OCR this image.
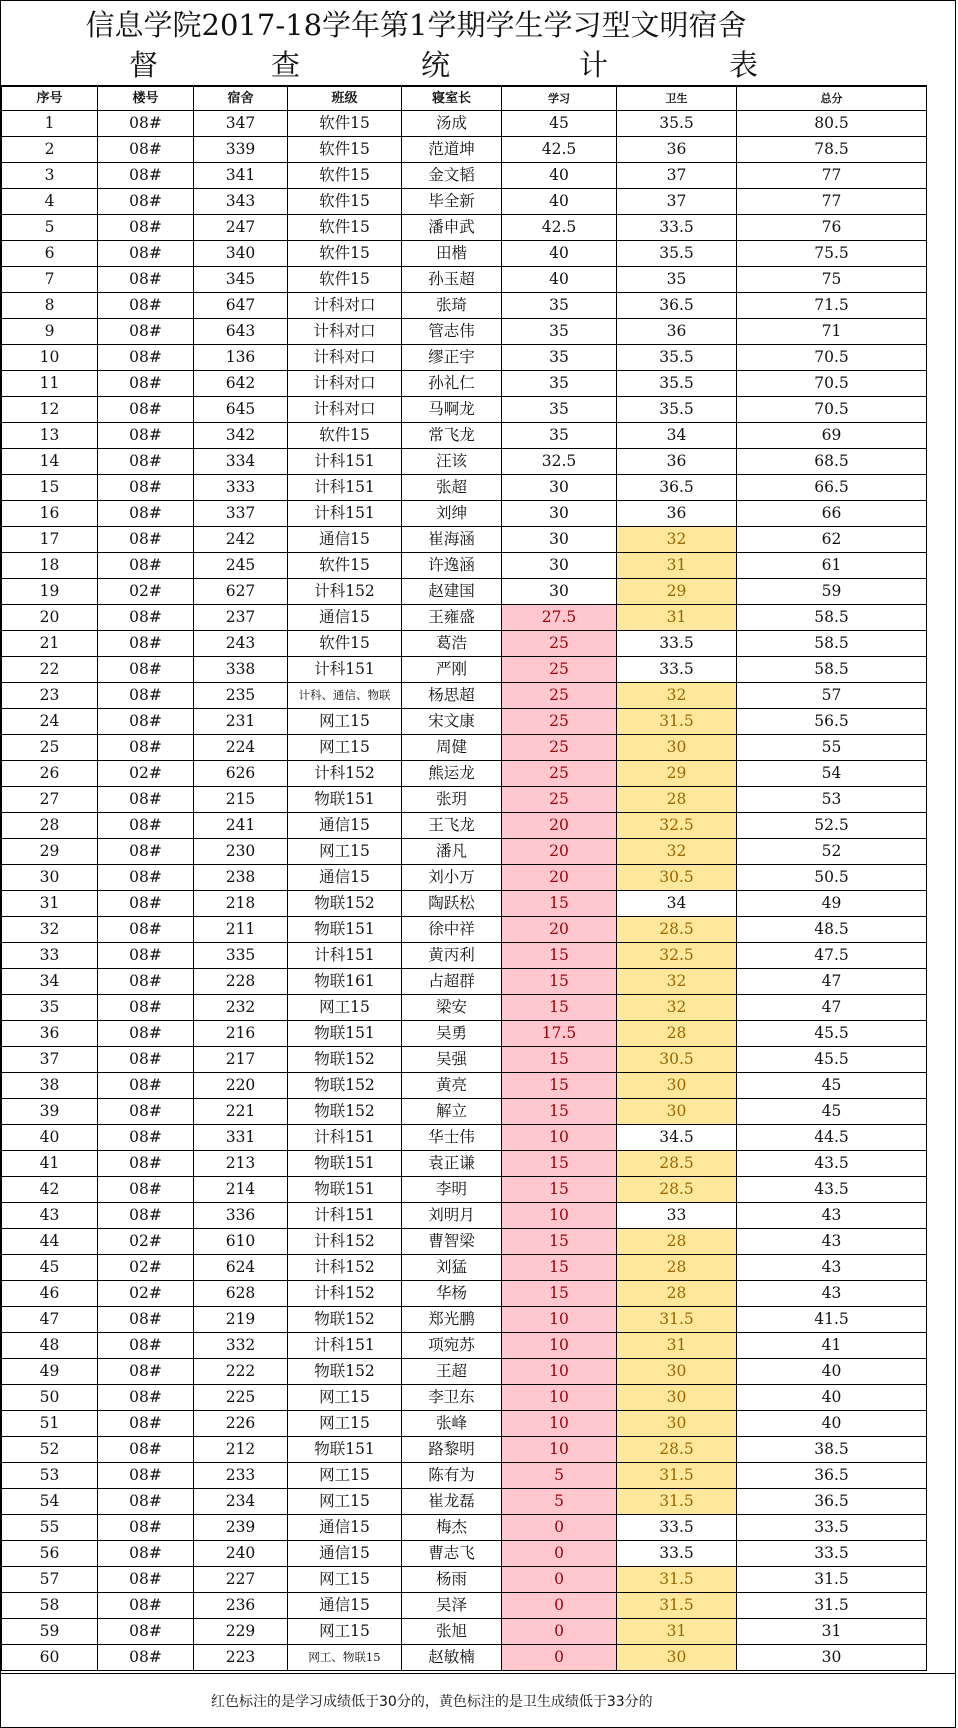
信息学院2017-18学年第1学期学生学习型文明宿舍
督	查	统	计	表
序号	楼号	宿舍	班级	寝室长	学习	卫生	总分
1	08#	347	软件15	汤成	45	35.5	80.5
2	08#	339	软件15	范道坤	42.5	36	78.5
3	08#	341	软件15	金文韬	40	37	77
4	08#	343	软件15	毕全新	40	37	77
5	08#	247	软件15	潘申武	42.5	33.5	76
6	08#	340	软件15	田楷	40	35.5	75.5
7	08#	345	软件15	孙玉超	40	35	75
8	08#	647	计科对口	张琦	35	36.5	71.5
9	08#	643	计科对口	管志伟	35	36	71
10	08#	136	计科对口	缪正宇	35	35.5	70.5
11	08#	642	计科对口	孙礼仁	35	35.5	70.5
12	08#	645	计科对口	马啊龙	35	35.5	70.5
13	08#	342	软件15	常飞龙	35	34	69
14	08#	334	计科151	汪该	32.5	36	68.5
15	08#	333	计科151	张超	30	36.5	66.5
16	08#	337	计科151	刘绅	30	36	66
17	08#	242	通信15	崔海涵	30	32	62
18	08#	245	软件15	许逸涵	30	31	61
19	02#	627	计科152	赵建国	30	29	59
20	08#	237	通信15	王雍盛	27.5	31	58.5
21	08#	243	软件15	葛浩	25	33.5	58.5
22	08#	338	计科151	严刚	25	33.5	58.5
23	08#	235	计科、通信、物联	杨思超	25	32	57
24	08#	231	网工15	宋文康	25	31.5	56.5
25	08#	224	网工15	周健	25	30	55
26	02#	626	计科152	熊运龙	25	29	54
27	08#	215	物联151	张玥	25	28	53
28	08#	241	通信15	王飞龙	20	32.5	52.5
29	08#	230	网工15	潘凡	20	32	52
30	08#	238	通信15	刘小万	20	30.5	50.5
31	08#	218	物联152	陶跃松	15	34	49
32	08#	211	物联151	徐中祥	20	28.5	48.5
33	08#	335	计科151	黄丙利	15	32.5	47.5
34	08#	228	物联161	占超群	15	32	47
35	08#	232	网工15	梁安	15	32	47
36	08#	216	物联151	吴勇	17.5	28	45.5
37	08#	217	物联152	吴强	15	30.5	45.5
38	08#	220	物联152	黄亮	15	30	45
39	08#	221	物联152	解立	15	30	45
40	08#	331	计科151	华士伟	10	34.5	44.5
41	08#	213	物联151	袁正谦	15	28.5	43.5
42	08#	214	物联151	李明	15	28.5	43.5
43	08#	336	计科151	刘明月	10	33	43
44	02#	610	计科152	曹智梁	15	28	43
45	02#	624	计科152	刘猛	15	28	43
46	02#	628	计科152	华杨	15	28	43
47	08#	219	物联152	郑光鹏	10	31.5	41.5
48	08#	332	计科151	项宛苏	10	31	41
49	08#	222	物联152	王超	10	30	40
50	08#	225	网工15	李卫东	10	30	40
51	08#	226	网工15	张峰	10	30	40
52	08#	212	物联151	路黎明	10	28.5	38.5
53	08#	233	网工15	陈有为	5	31.5	36.5
54	08#	234	网工15	崔龙磊	5	31.5	36.5
55	08#	239	通信15	梅杰	0	33.5	33.5
56	08#	240	通信15	曹志飞	0	33.5	33.5
57	08#	227	网工15	杨雨	0	31.5	31.5
58	08#	236	通信15	吴泽	0	31.5	31.5
59	08#	229	网工15	张旭	0	31	31
60	08#	223	网工、物联15	赵敏楠	0	30	30
红色标注的是学习成绩低于30分的，黄色标注的是卫生成绩低于33分的
